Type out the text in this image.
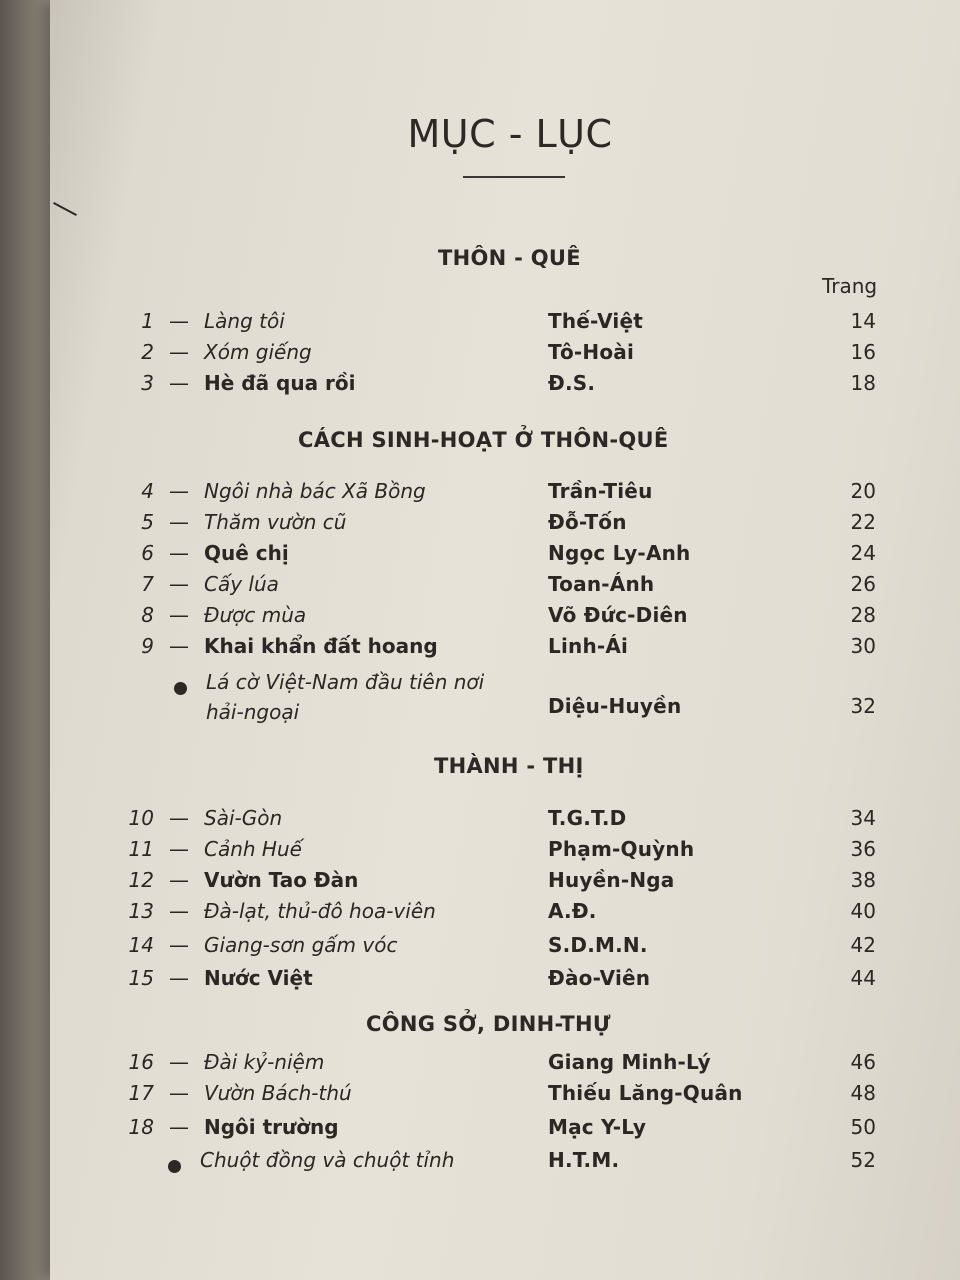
MỤC - LỤC
Trang
THÔN - QUÊ
1 — Làng tôi	Thế-Việt	14
2 — Xóm giếng	Tô-Hoài	16
3 — Hè đã qua rồi	Đ.S.	18
CÁCH SINH-HOẠT Ở THÔN-QUÊ
4 — Ngôi nhà bác Xã Bồng	Trần-Tiêu	20
5 — Thăm vườn cũ	Đỗ-Tốn	22
6 — Quê chị	Ngọc Ly-Anh	24
7 — Cấy lúa	Toan-Ánh	26
8 — Được mùa	Võ Đức-Diên	28
9 — Khai khẩn đất hoang	Linh-Ái	30
Lá cờ Việt-Nam đầu tiên nơi
hải-ngoại	Diệu-Huyền	32
THÀNH - THỊ
10 — Sài-Gòn	T.G.T.D	34
11 — Cảnh Huế	Phạm-Quỳnh	36
12 — Vườn Tao Đàn	Huyền-Nga	38
13 — Đà-lạt, thủ-đô hoa-viên	A.Đ.	40
14 — Giang-sơn gấm vóc	S.D.M.N.	42
15 — Nước Việt	Đào-Viên	44
CÔNG SỞ, DINH-THỰ
16 — Đài kỷ-niệm	Giang Minh-Lý	46
17 — Vườn Bách-thú	Thiếu Lăng-Quân	48
18 — Ngôi trường	Mạc Y-Ly	50
Chuột đồng và chuột tỉnh	H.T.M.	52
